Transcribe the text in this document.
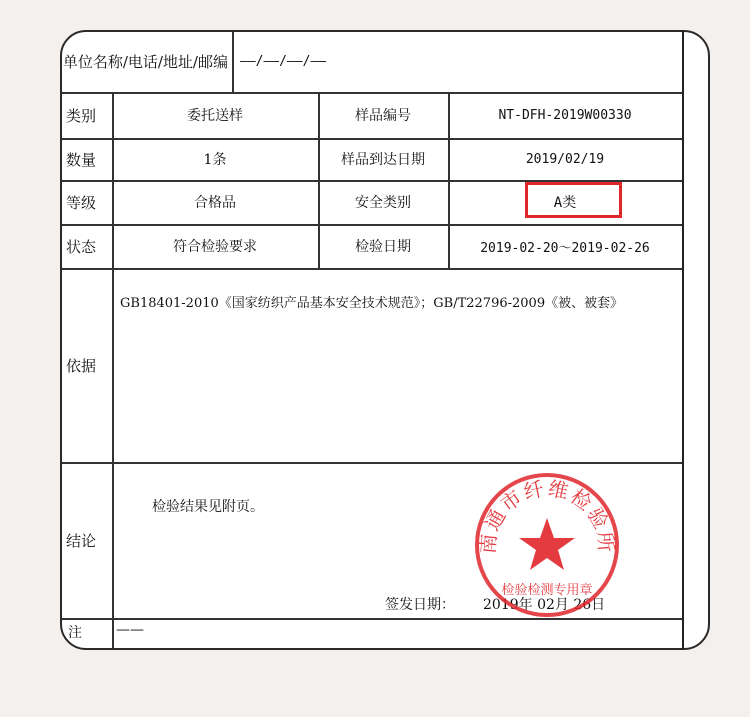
单位名称/电话/地址/邮编 ——/——/——/——
类别	委托送样	样品编号	NT-DFH-2019W00330
数量	1条	样品到达日期	2019/02/19
等级	合格品	安全类别	A类
状态	符合检验要求	检验日期	2019-02-20～2019-02-26
依据
GB18401-2010《国家纺织产品基本安全技术规范》；GB/T22796-2009《被、被套》
结论
检验结果见附页。
签发日期： 2019年 02月 26日
南通市纤维检验所
检验检测专用章
注 ——
